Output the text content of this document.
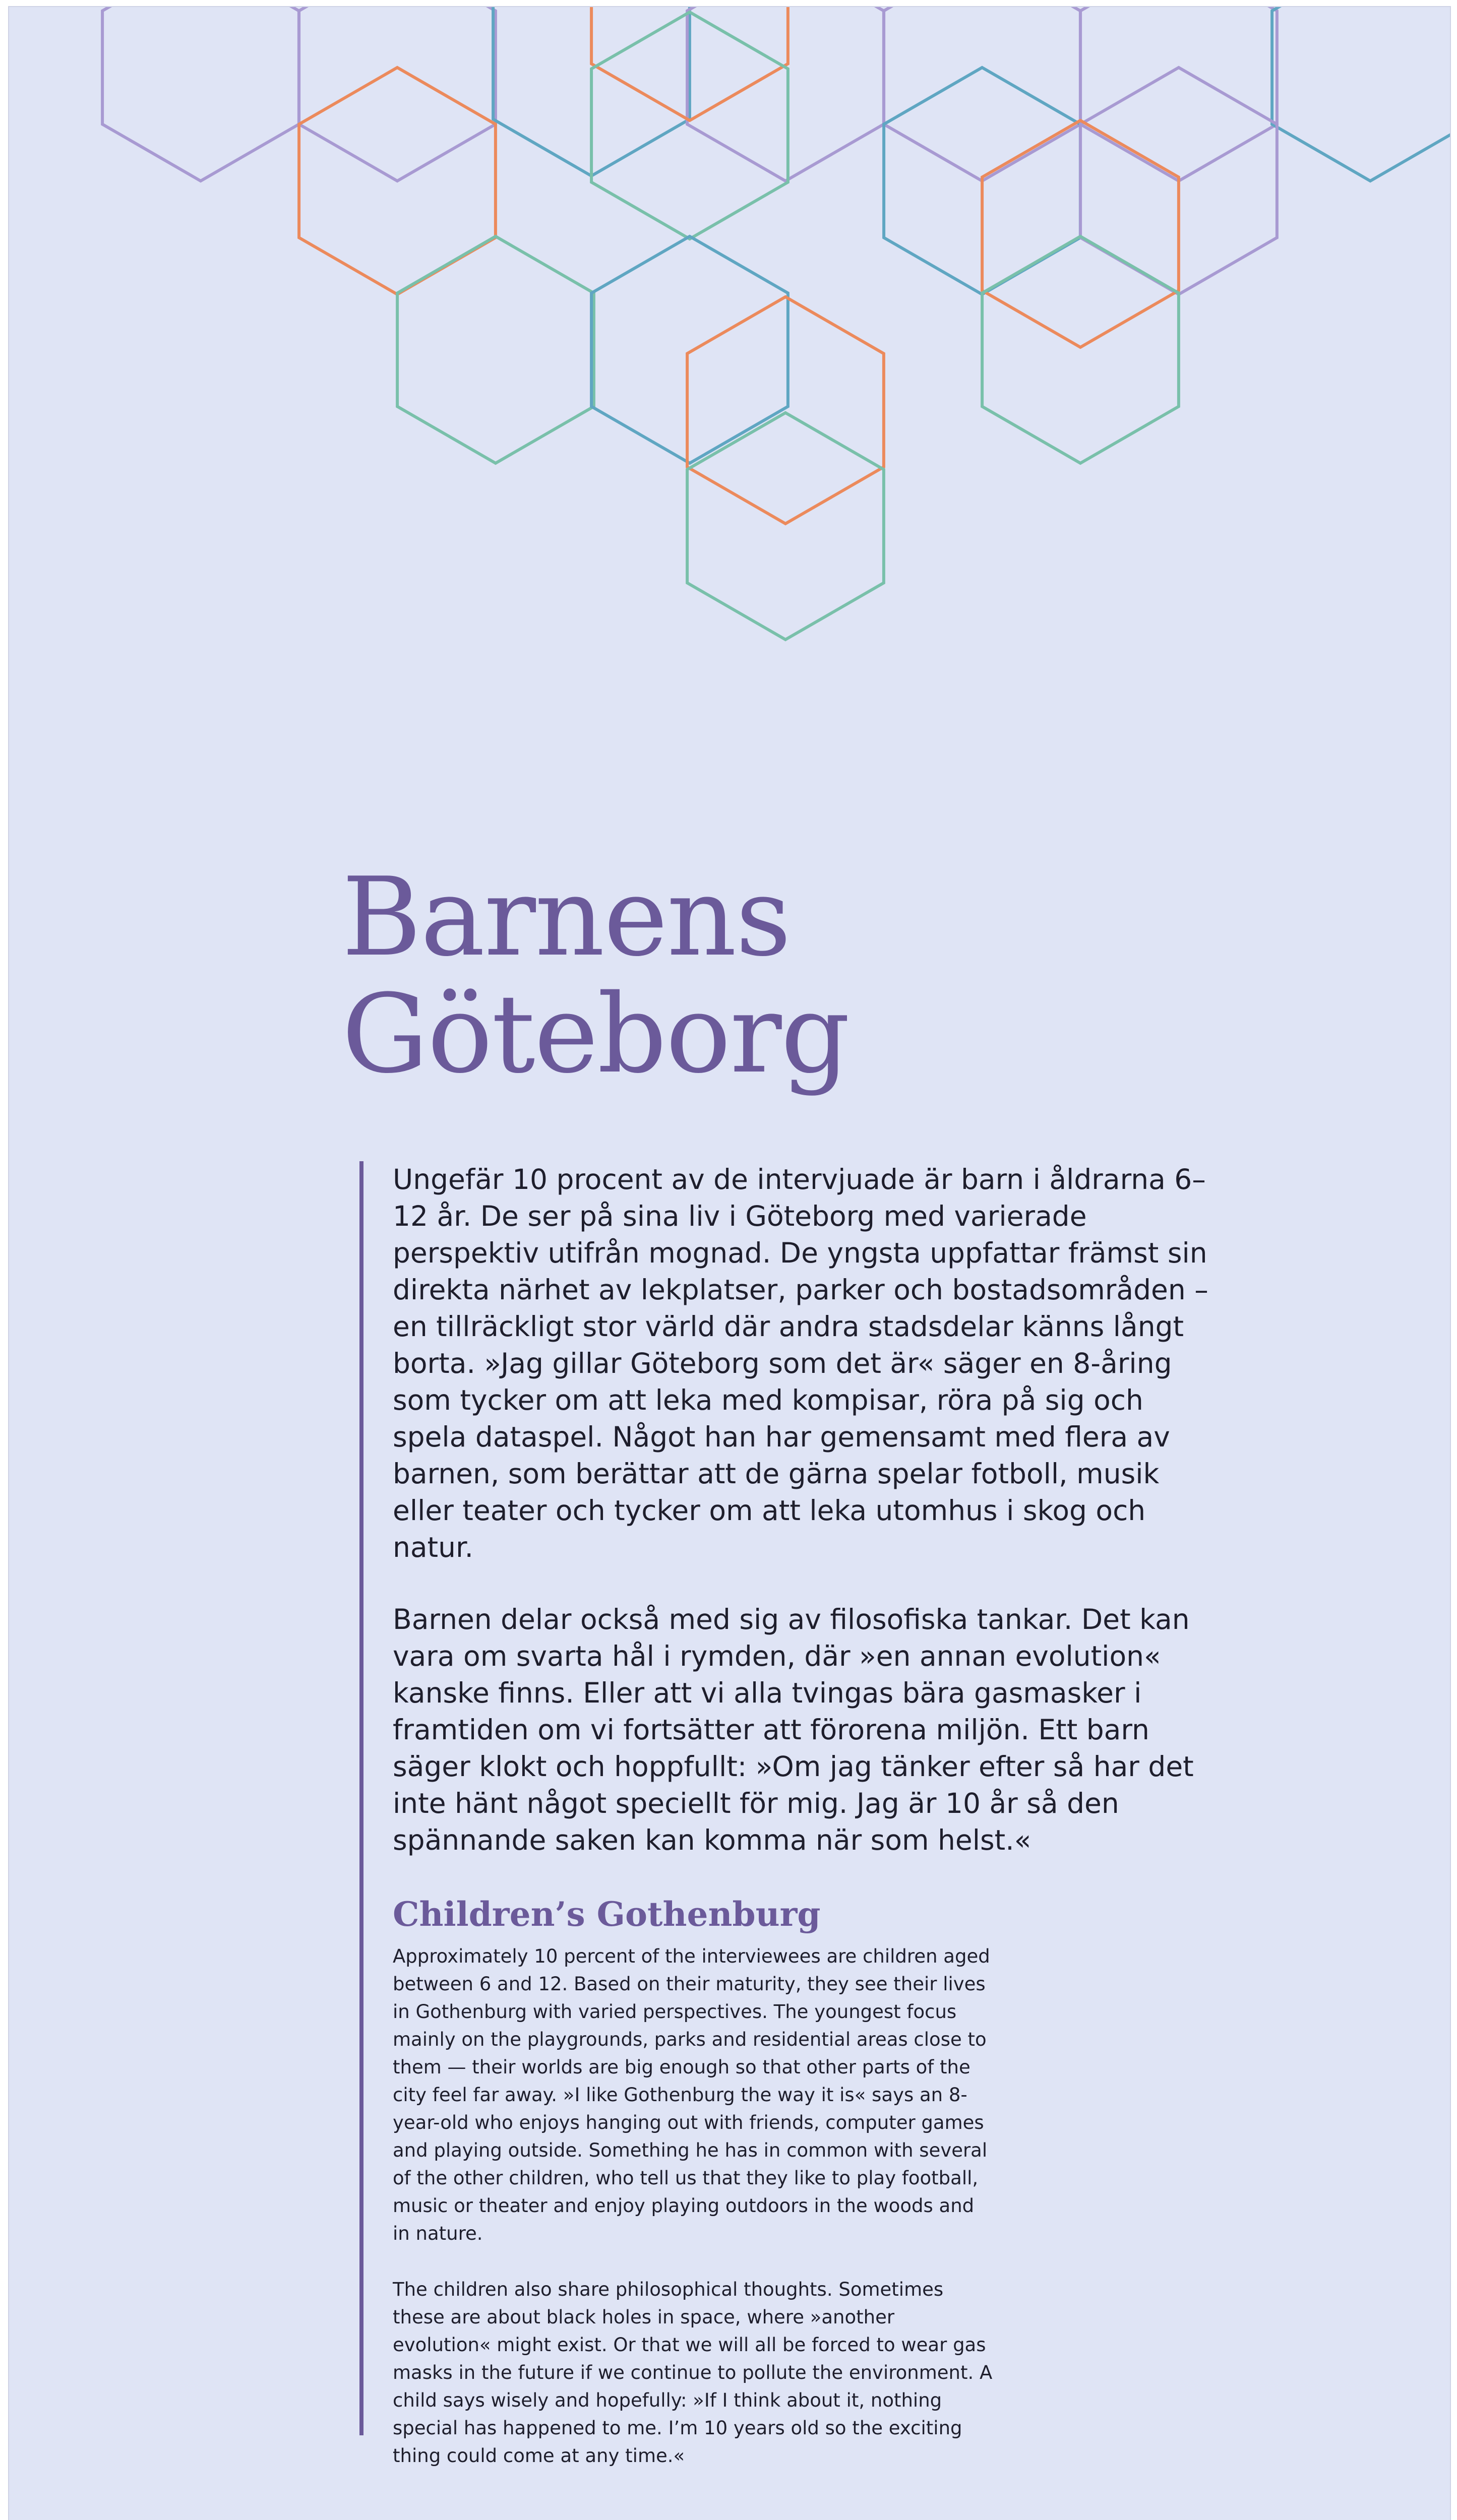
Barnens
Göteborg

Ungefär 10 procent av de intervjuade är barn i åldrarna 6–12 år. De ser på sina liv i Göteborg med varierade perspektiv utifrån mognad. De yngsta uppfattar främst sin direkta närhet av lekplatser, parker och bostadsområden – en tillräckligt stor värld där andra stadsdelar känns långt borta. »Jag gillar Göteborg som det är« säger en 8-åring som tycker om att leka med kompisar, röra på sig och spela dataspel. Något han har gemensamt med flera av barnen, som berättar att de gärna spelar fotboll, musik eller teater och tycker om att leka utomhus i skog och natur.

Barnen delar också med sig av filosofiska tankar. Det kan vara om svarta hål i rymden, där »en annan evolution« kanske finns. Eller att vi alla tvingas bära gasmasker i framtiden om vi fortsätter att förorena miljön. Ett barn säger klokt och hoppfullt: »Om jag tänker efter så har det inte hänt något speciellt för mig. Jag är 10 år så den spännande saken kan komma när som helst.«

Children’s Gothenburg

Approximately 10 percent of the interviewees are children aged between 6 and 12. Based on their maturity, they see their lives in Gothenburg with varied perspectives. The youngest focus mainly on the playgrounds, parks and residential areas close to them — their worlds are big enough so that other parts of the city feel far away. »I like Gothenburg the way it is« says an 8-year-old who enjoys hanging out with friends, computer games and playing outside. Something he has in common with several of the other children, who tell us that they like to play football, music or theater and enjoy playing outdoors in the woods and in nature.

The children also share philosophical thoughts. Sometimes these are about black holes in space, where »another evolution« might exist. Or that we will all be forced to wear gas masks in the future if we continue to pollute the environment. A child says wisely and hopefully: »If I think about it, nothing special has happened to me. I’m 10 years old so the exciting thing could come at any time.«
